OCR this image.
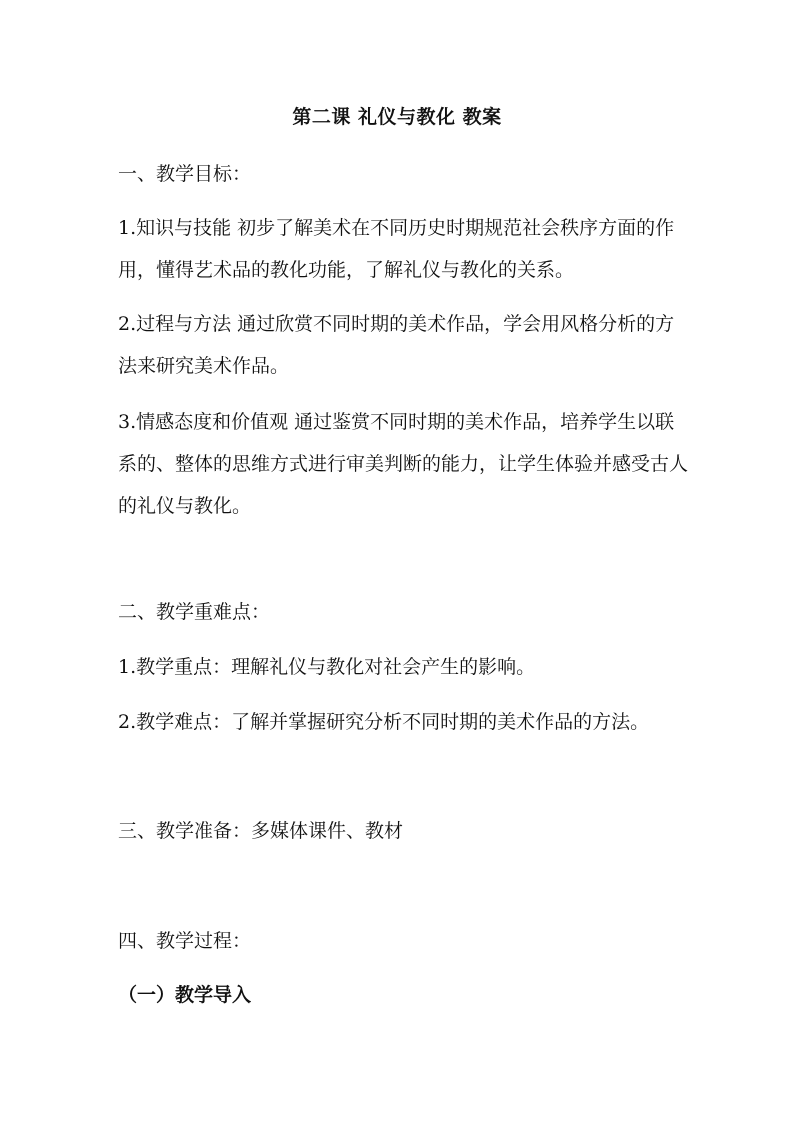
第二课 礼仪与教化 教案
一、教学目标：
1.知识与技能 初步了解美术在不同历史时期规范社会秩序方面的作
用，懂得艺术品的教化功能，了解礼仪与教化的关系。
2.过程与方法 通过欣赏不同时期的美术作品，学会用风格分析的方
法来研究美术作品。
3.情感态度和价值观 通过鉴赏不同时期的美术作品，培养学生以联
系的、整体的思维方式进行审美判断的能力，让学生体验并感受古人
的礼仪与教化。
二、教学重难点：
1.教学重点：理解礼仪与教化对社会产生的影响。
2.教学难点：了解并掌握研究分析不同时期的美术作品的方法。
三、教学准备：多媒体课件、教材
四、教学过程：
（一）教学导入
